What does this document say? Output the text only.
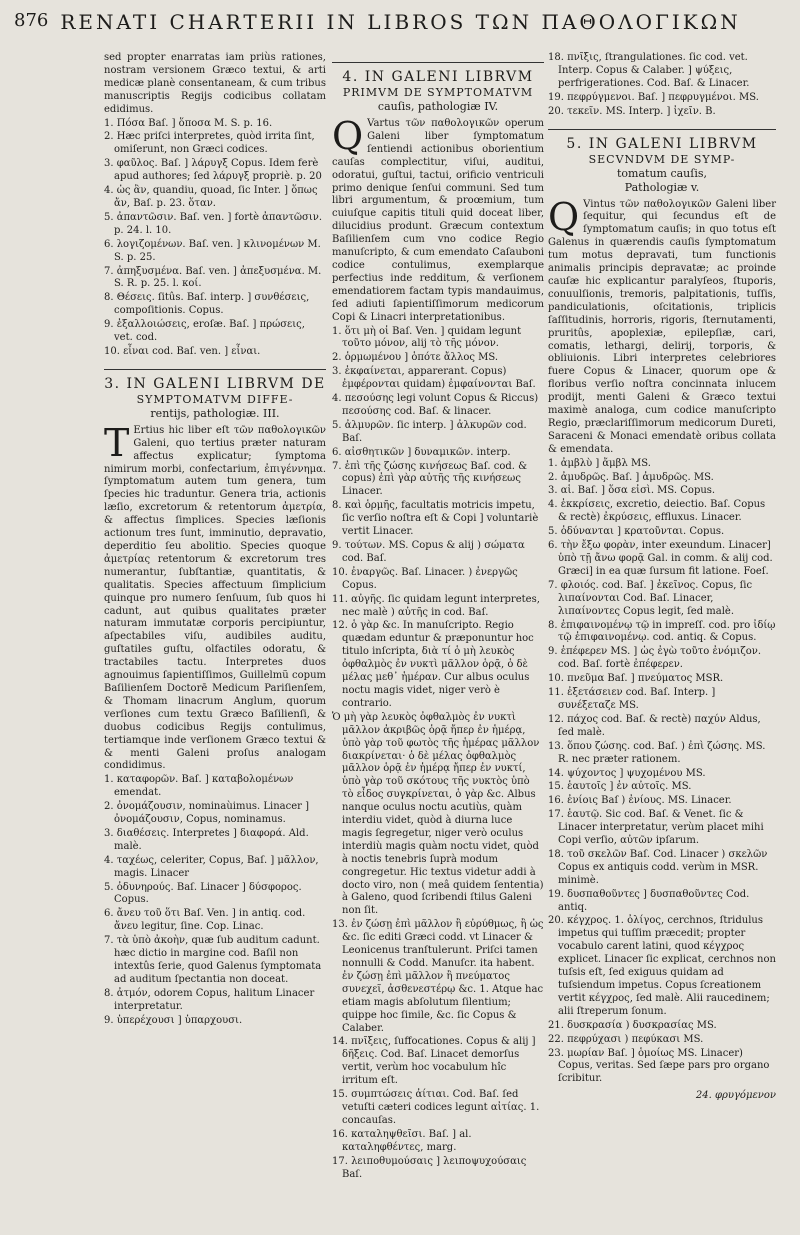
876 RENATI CHARTERII IN LIBROS ΤΩΝ ΠΑΘΟΛΟΓΙΚΩΝ

sed propter enarratas iam priùs rationes, nostram versionem Græco textui, & arti medicæ planè consentaneam, & cum tribus manuscriptis Regijs codicibus collatam edidimus.

1. Πόσα Baſ. ] ὅποσα M. S. p. 16.
2. Hæc priſci interpretes, quòd irrita ſint, omiſerunt, non Græci codices.
3. φαῦλος. Baſ. ] λάρυγξ Copus. Idem ferè apud authores; ſed λάρυγξ propriè. p. 20
4. ὡς ἂν, quandiu, quoad, ſic Inter. ] ὅπως ἄν, Baſ. p. 23. ὅταν.
5. ἀπαντῶσιν. Baſ. ven. ] fortè ἀπαντῶσιν. p. 24. l. 10.
6. λογιζομένων. Baſ. ven. ] κλινομένων M. S. p. 25.
7. ἀπηξυσμένα. Baſ. ven. ] ἀπεξυσμένα. M. S. R. p. 25. l. κοί.
8. Θέσεις. ſitûs. Baſ. interp. ] συνθέσεις, compoſitionis. Copus.
9. ἐξαλλοιώσεις, eroſæ. Baſ. ] πρώσεις, vet. cod.
10. εἶναι cod. Baſ. ven. ] εἶναι.
3. IN GALENI LIBRVM DE
SYMPTOMATVM DIFFE-
rentijs, pathologiæ. III.

T Ertius hic liber eſt τῶν παθολογικῶν Galeni, quo tertius præter naturam affectus explicatur; ſymptoma nimirum morbi, confectarium, ἐπιγέννημα. ſymptomatum autem tum genera, tum ſpecies hic traduntur. Genera tria, actionis læſio, excretorum & retentorum ἀμετρία, & affectus ſimplices. Species læſionis actionum tres ſunt, imminutio, depravatio, deperditio ſeu abolitio. Species quoque ἀμετρίας retentorum & excretorum tres numerantur, ſubſtantiæ, quantitatis, & qualitatis. Species affectuum ſimplicium quinque pro numero ſenſuum, ſub quos hi cadunt, aut quibus qualitates præter naturam immutatæ corporis percipiuntur, aſpectabiles viſu, audibiles auditu, guſtatiles guſtu, olfactiles odoratu, & tractabiles tactu. Interpretes duos agnouimus ſapientiſſimos, Guillelmũ copum Baſilienſem Doctorē Medicum Pariſienſem, & Thomam linacrum Anglum, quorum verſiones cum textu Græco Baſilienſi, & duobus codicibus Regijs contulimus, tertiamque inde verſionem Græco textui & & menti Galeni proſus analogam condidimus.

1. καταφορῶν. Baſ. ] καταβολομένων emendat.
2. ὀνομάζουσιν, nominaùimus. Linacer ] ὀνομάζουσιν, Copus, nominamus.
3. διαθέσεις. Interpretes ] διαφορά. Ald. malè.
4. ταχέως, celeriter, Copus, Baſ. ] μᾶλλον, magis. Linacer
5. ὀδυνηρούς. Baſ. Linacer ] δύσφορος. Copus.
6. ἄνευ τοῦ ὅτι Baſ. Ven. ] in antiq. cod. ἄνευ legitur, ſine. Cop. Linac.
7. τὰ ὑπὸ ἀκοὴν, quæ ſub auditum cadunt. hæc dictio in margine cod. Baſil non intextûs ſerie, quod Galenus ſymptomata ad auditum ſpectantia non doceat.
8. ἀτμόν, odorem Copus, halitum Linacer interpretatur.
9. ὑπερέχουσι ] ὑπαρχουσι.
4. IN GALENI LIBRVM
PRIMVM DE SYMPTOMATVM
cauſis, pathologiæ IV.

Q Vartus τῶν παθολογικῶν operum Galeni liber ſymptomatum ſentiendi actionibus oborientium cauſas complectitur, viſui, auditui, odoratui, guſtui, tactui, orificio ventriculi primo denique ſenſui communi. Sed tum libri argumentum, & proœmium, tum cuiuſque capitis tituli quid doceat liber, dilucidius produnt. Græcum contextum Baſilienſem cum vno codice Regio manuſcripto, & cum emendato Caſauboni codice contulimus, exemplarque perfectius inde redditum, & verſionem emendatiorem factam typis mandauimus, ſed adiuti ſapientiſſimorum medicorum Copi & Linacri interpretationibus.

1. ὅτι μὴ οἱ Baſ. Ven. ] quidam legunt τοῦτο μόνον, alij τὸ τῆς μόνον.
2. ὁρμωμένου ] ὁπότε ἄλλος MS.
3. ἐκφαίνεται, apparerant. Copus) ἐμφέρονται quidam) ἐμφαίνονται Baſ.
4. πεσούσης legi volunt Copus & Riccus) πεσούσης cod. Baſ. & linacer.
5. ἀλμυρῶν. ſic interp. ] ἀλκυρῶν cod. Baſ.
6. αἰσθητικῶν ] δυναμικῶν. interp.
7. ἐπὶ τῆς ζώσης κινήσεως Baſ. cod. & copus) ἐπὶ γὰρ αὐτῆς τῆς κινήσεως Linacer.
8. καὶ ὁρμῆς, facultatis motricis impetu, ſic verſio noſtra eſt & Copi ] voluntariè vertit Linacer.
9. τούτων. MS. Copus & alij ) σώματα cod. Baſ.
10. ἐναργῶς. Baſ. Linacer. ) ἐνεργῶς Copus.
11. αὐγῆς. ſic quidam legunt interpretes, nec malè ) αὐτῆς in cod. Baſ.
12. ὁ γὰρ &c. In manuſcripto. Regio quædam eduntur & præponuntur hoc titulo inſcripta, διὰ τί ὁ μὴ λευκὸς ὀφθαλμὸς ἐν νυκτὶ μᾶλλον ὁρᾷ, ὁ δὲ μέλας μεθ᾽ ἡμέραν. Cur albus oculus noctu magis videt, niger verò è contrario.
Ὁ μὴ γὰρ λευκὸς ὀφθαλμὸς ἐν νυκτὶ μᾶλλον ἀκριβῶς ὁρᾷ ἤπερ ἐν ἡμέρᾳ, ὑπὸ γὰρ τοῦ φωτὸς τῆς ἡμέρας μᾶλλον διακρίνεται· ὁ δὲ μέλας ὀφθαλμὸς μᾶλλον ὁρᾷ ἐν ἡμέρᾳ ἤπερ ἐν νυκτί, ὑπὸ γὰρ τοῦ σκότους τῆς νυκτὸς ὑπὸ τὸ εἶδος συγκρίνεται, ὁ γὰρ &c. Albus nanque oculus noctu acutiùs, quàm interdiu videt, quòd à diurna luce magis ſegregetur, niger verò oculus interdiù magis quàm noctu videt, quòd à noctis tenebris ſuprà modum congregetur. Hic textus videtur addi à docto viro, non ( meâ quidem ſententia) à Galeno, quod ſcribendi ſtilus Galeni non ſit.
13. ἐν ζώσῃ ἐπὶ μᾶλλον ἢ εὐρύθμως, ἢ ὡς &c. ſic editi Græci codd. vt Linacer & Leonicenus tranſtulerunt. Priſci tamen nonnulli & Codd. Manuſcr. ita habent. ἐν ζώσῃ ἐπὶ μᾶλλον ἢ πνεύματος συνεχεῖ, ἀσθενεστέρῳ &c. 1. Atque hac etiam magis abſolutum ſilentium; quippe hoc ſimile, &c. ſic Copus & Calaber.
14. πνῖξεις, ſuffocationes. Copus & alij ] δῆξεις. Cod. Baſ. Linacet demorſus vertit, verùm hoc vocabulum hîc irritum eſt.
15. συμπτώσεις ἀίτιαι. Cod. Baſ. ſed vetuſti cæteri codices legunt αἰτίας. 1. concauſas.
16. καταληψθεῖσι. Baſ. ] al. καταληφθέντες, marg.
17. λειποθυμούσαις ] λειποψυχούσαις Baſ.
18. πνῖξις, ſtrangulationes. ſic cod. vet. Interp. Copus & Calaber. ] ψύξεις, perfrigerationes. Cod. Baſ. & Linacer.
19. πεφρύγμενοι. Baſ. ] πεφρυγμένοι. MS.
20. τεκεῖν. MS. Interp. ] ἰχεῖν. B.
5. IN GALENI LIBRVM
SECVNDVM DE SYMP-
tomatum cauſis,
Pathologiæ v.

Q Vintus τῶν παθολογικῶν Galeni liber ſequitur, qui ſecundus eſt de ſymptomatum cauſis; in quo totus eſt Galenus in quærendis cauſis ſymptomatum tum motus depravati, tum functionis animalis principis depravatæ; ac proinde cauſæ hic explicantur paralyſeos, ſtuporis, conuulſionis, tremoris, palpitationis, tuſſis, pandiculationis, oſcitationis, triplicis ſaſſitudinis, horroris, rigoris, ſternutamenti, pruritûs, apoplexiæ, epilepſiæ, cari, comatis, lethargi, delirij, torporis, & obliuionis. Libri interpretes celebriores fuere Copus & Linacer, quorum ope & floribus verſio noſtra concinnata inlucem prodijt, menti Galeni & Græco textui maximè analoga, cum codice manuſcripto Regio, præclariſſimorum medicorum Dureti, Saraceni & Monaci emendatè oribus collata & emendata.

1. ἀμβλὺ ] ἄμβλ MS.
2. ἀμυδρῶς. Baſ. ] ἀμυδρῶς. MS.
3. αἱ. Baſ. ] ὅσα εἰσὶ. MS. Copus.
4. ἐκκρίσεις, excretio, deiectio. Baſ. Copus & rectè) ἐκρύσεις, effluxus. Linacer.
5. ὁδύνανται ] κρατοῦνται. Copus.
6. τὴν ἔξω φορὰν, inter exeundum. Linacer] ὑπὸ τῇ ἄνω φορᾷ Gal. in comm. & alij cod. Græci] in ea quæ ſursum fit latione. Foeſ.
7. φλοιός. cod. Baſ. ] ἐκεῖνος. Copus, ſic λιπαίνονται Cod. Baſ. Linacer, λιπαίνοντες Copus legit, ſed malè.
8. ἐπιφαινομένῳ τῷ in impreſſ. cod. pro ἰδίῳ τῷ ἐπιφαινομένῳ. cod. antiq. & Copus.
9. ἐπέφερεν MS. ] ὡς ἐγὼ τοῦτο ἐνόμιζον. cod. Baſ. fortè ἐπέφερεν.
10. πνεῦμα Baſ. ] πνεύματος MSR.
11. ἐξετάσειεν cod. Baſ. Interp. ] συνέξεταζε MS.
12. πάχος cod. Baſ. & rectè) παχύν Aldus, ſed malè.
13. ὅπου ζώσης. cod. Baſ. ) ἐπὶ ζώσης. MS. R. nec præter rationem.
14. ψύχοντος ] ψυχομένου MS.
15. ἑαυτοῖς ] ἐν αὐτοῖς. MS.
16. ἐνίοις Baſ ) ἐνίους. MS. Linacer.
17. ἑαυτῷ. Sic cod. Baſ. & Venet. ſic & Linacer interpretatur, verùm placet mihi Copi verſio, αὐτῶν ipſarum.
18. τοῦ σκελῶν Baſ. Cod. Linacer ) σκελῶν Copus ex antiquis codd. verùm in MSR. minimè.
19. δυσπαθοῦντες ] δυσπαθοῦντες Cod. antiq.
20. κέγχρος. 1. ὀλίγος, cerchnos, ſtridulus impetus qui tuſſim præcedit; propter vocabulo carent latini, quod κέγχρος explicet. Linacer ſic explicat, cerchnos non tuſsis eſt, ſed exiguus quidam ad tuſsiendum impetus. Copus ſcreationem vertit κέγχρος, ſed malè. Alii raucedinem; alii ſtreperum ſonum.
21. δυσκρασία ) δυσκρασίας MS.
22. πεφρύχασι ) πεφύκασι MS.
23. μωρίαν Baſ. ] ὁμοίως MS. Linacer) Copus, veritas. Sed ſæpe pars pro organo ſcribitur.
24. φρυγόμενον
